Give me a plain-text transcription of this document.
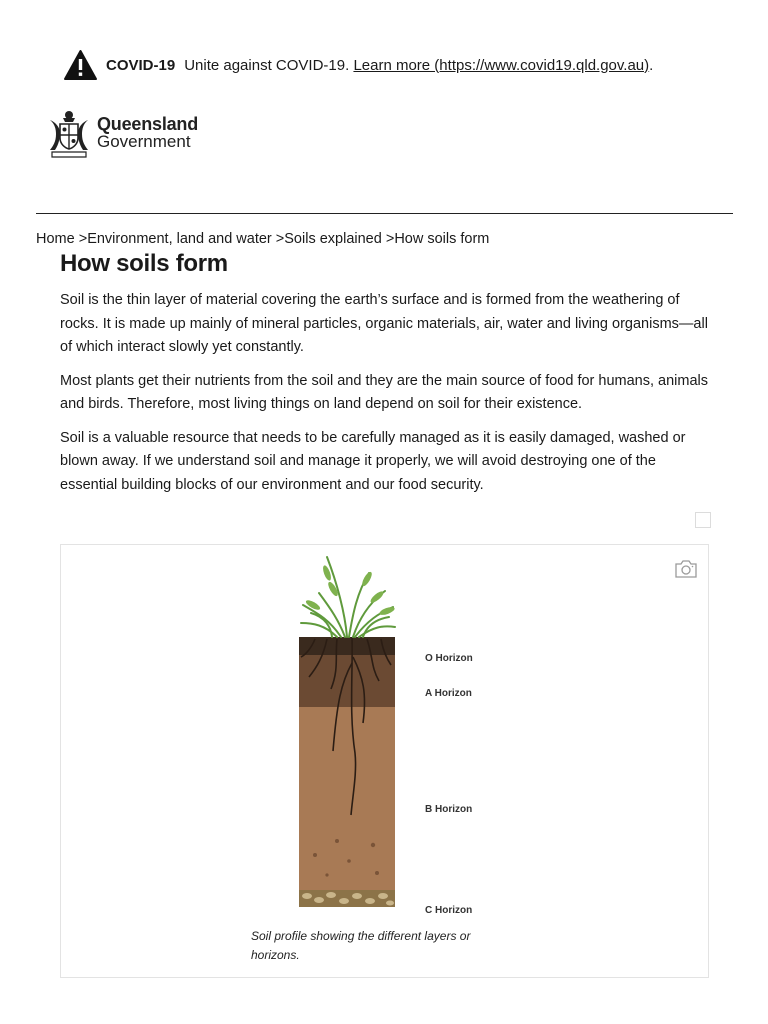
COVID-19 Unite against COVID-19.
Learn more (https://www.covid19.qld.gov.au) .
Queensland
Government
Home >Environment, land and water >Soils explained >How soils form
How soils form

Soil is the thin layer of material covering the earth’s surface and is formed from the weathering of rocks. It is made up mainly of mineral particles, organic materials, air, water and living organisms—all of which interact slowly yet constantly.

Most plants get their nutrients from the soil and they are the main source of food for humans, animals and birds. Therefore, most living things on land depend on soil for their existence.

Soil is a valuable resource that needs to be carefully managed as it is easily damaged, washed or blown away. If we understand soil and manage it properly, we will avoid destroying one of the essential building blocks of our environment and our food security.

O Horizon
A Horizon
B Horizon
C Horizon
Soil profile showing the different layers or horizons.
